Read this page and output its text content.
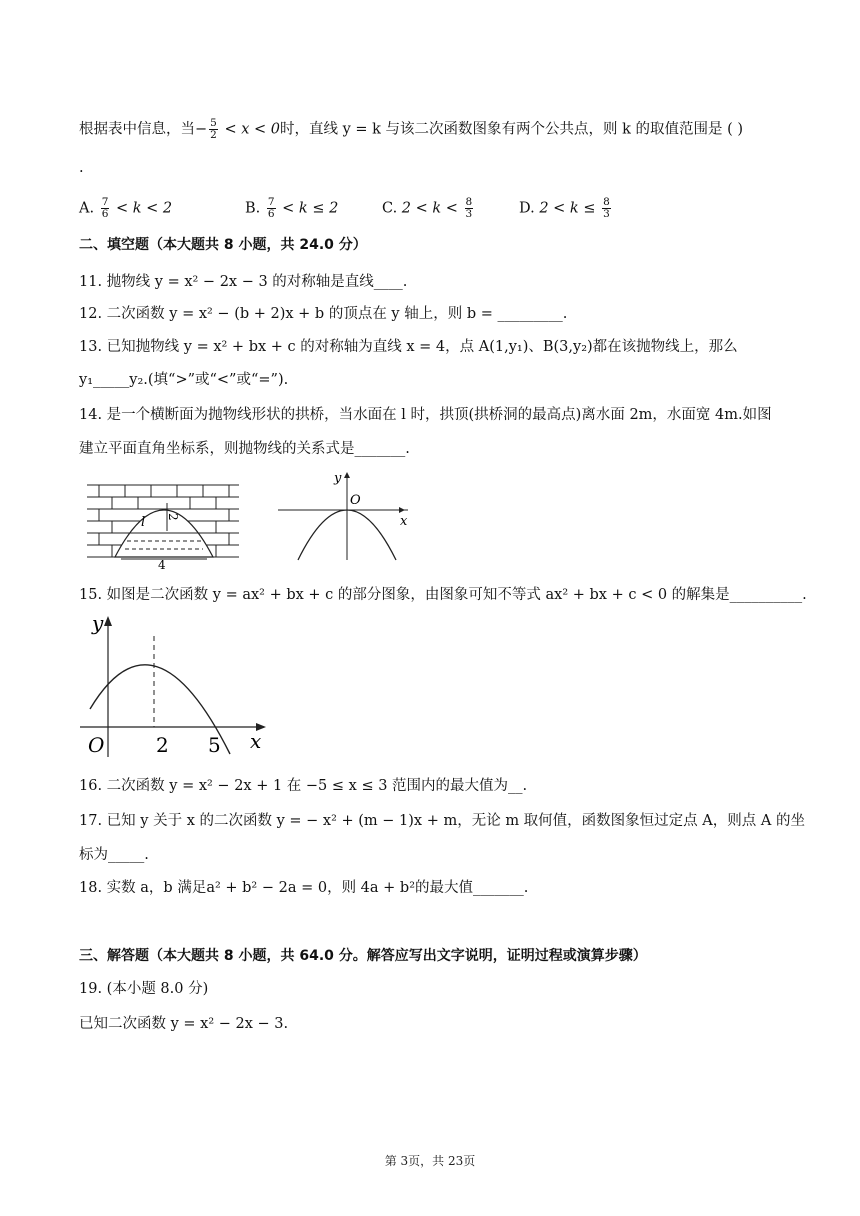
根据表中信息，当− $\frac{5}{2} < x < 0$时，直线 y = k 与该二次函数图象有两个公共点，则 k 的取值范围是 ( )
.
A. $\frac{7}{6} < k < 2$	B. $\frac{7}{6} < k \le 2$	C. $2 < k < \frac{8}{3}$	D. $2 < k \le \frac{8}{3}$
二、填空题（本大题共 8 小题，共 24.0 分）
11. 抛物线 y = x² − 2x − 3 的对称轴是直线____.
12. 二次函数 y = x² − (b + 2)x + b 的顶点在 y 轴上，则 b = _________.
13. 已知抛物线 y = x² + bx + c 的对称轴为直线 x = 4，点 A(1,y₁)、B(3,y₂)都在该抛物线上，那么
y₁_____y₂.(填“>”或“<”或“=”).
14. 是一个横断面为抛物线形状的拱桥，当水面在 l 时，拱顶(拱桥洞的最高点)离水面 2m，水面宽 4m.如图
建立平面直角坐标系，则抛物线的关系式是_______.
2
l
4
y
x
O
15. 如图是二次函数 y = ax² + bx + c 的部分图象，由图象可知不等式 ax² + bx + c < 0 的解集是__________.
y
x
O	2 5
16. 二次函数 y = x² − 2x + 1 在 −5 ≤ x ≤ 3 范围内的最大值为__.
17. 已知 y 关于 x 的二次函数 y = − x² + (m − 1)x + m，无论 m 取何值，函数图象恒过定点 A，则点 A 的坐
标为_____.
18. 实数 a，b 满足a² + b² − 2a = 0，则 4a + b²的最大值_______.
三、解答题（本大题共 8 小题，共 64.0 分。解答应写出文字说明，证明过程或演算步骤）
19. (本小题 8.0 分)
已知二次函数 y = x² − 2x − 3.
第 3页，共 23页
